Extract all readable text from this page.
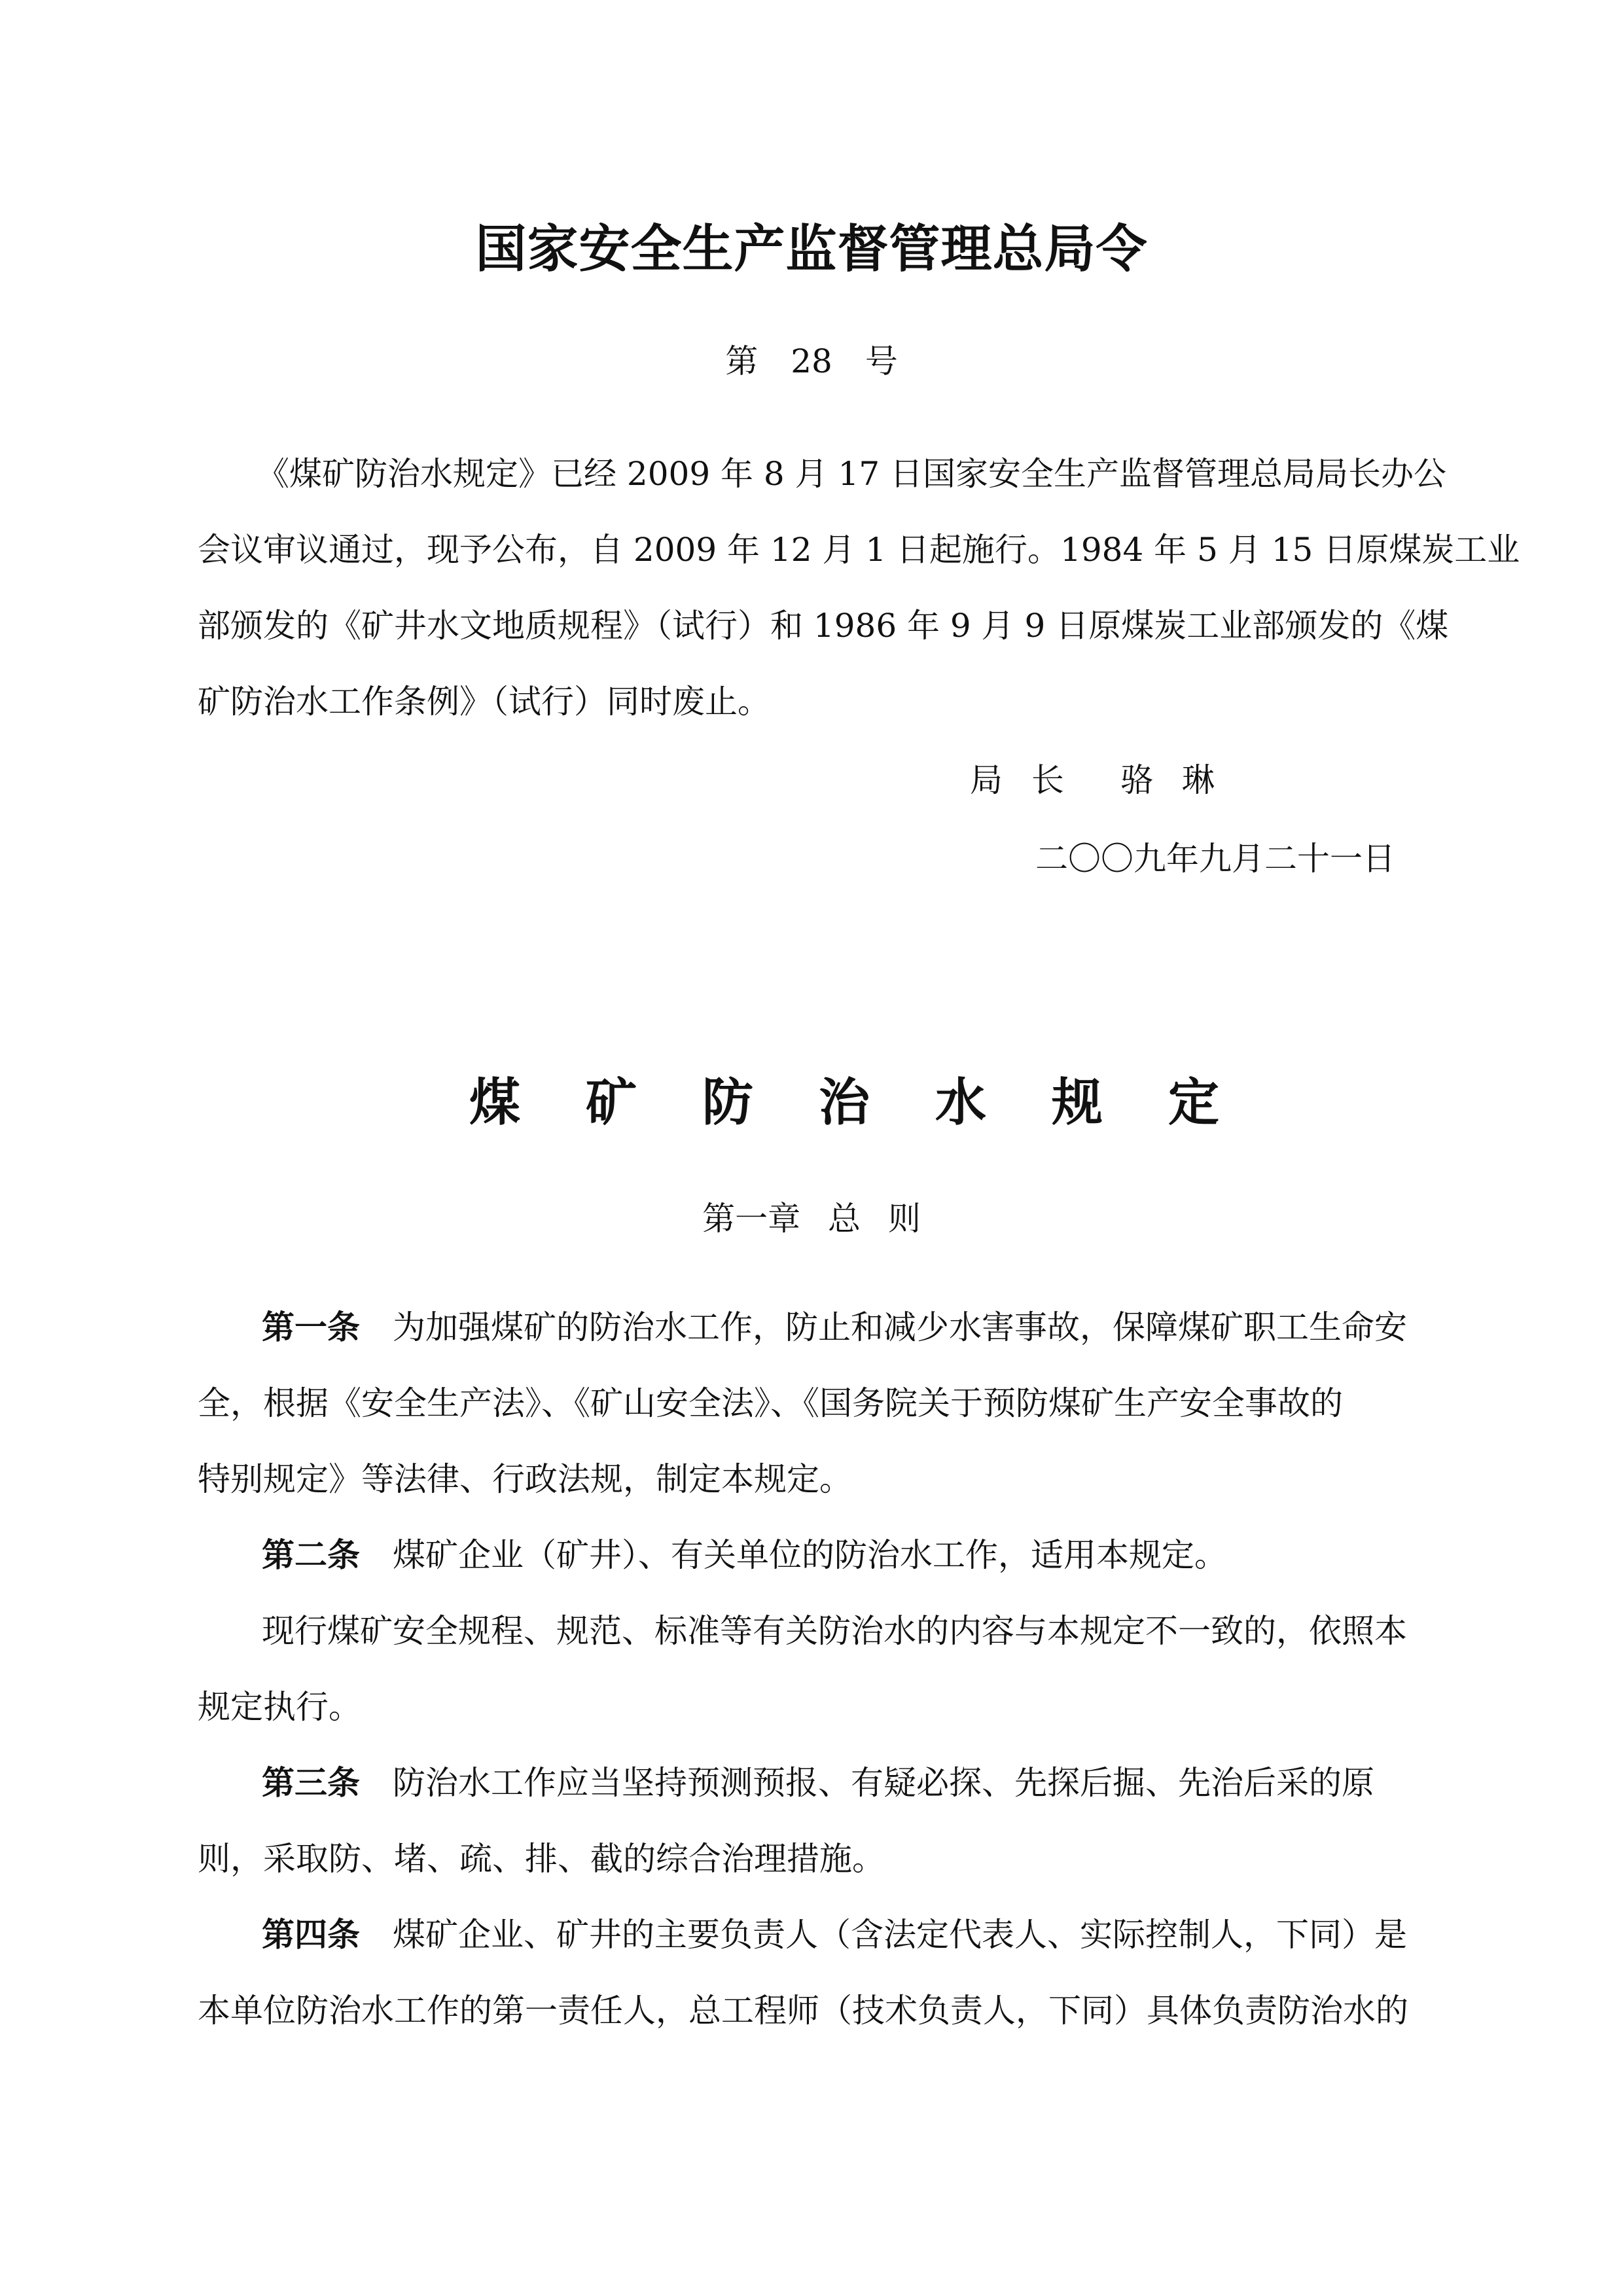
国家安全生产监督管理总局令
第 28 号
《煤矿防治水规定》已经 2009 年 8 月 17 日国家安全生产监督管理总局局长办公
会议审议通过，现予公布，自 2009 年 12 月 1 日起施行。1984 年 5 月 15 日原煤炭工业
部颁发的《矿井水文地质规程》（试行）和 1986 年 9 月 9 日原煤炭工业部颁发的《煤
矿防治水工作条例》（试行）同时废止。
局 长 骆 琳
二〇〇九年九月二十一日
煤矿防治水规定
第一章 总 则
第一条 为加强煤矿的防治水工作，防止和减少水害事故，保障煤矿职工生命安
全，根据《安全生产法》、《矿山安全法》、《国务院关于预防煤矿生产安全事故的
特别规定》等法律、行政法规，制定本规定。
第二条 煤矿企业（矿井）、有关单位的防治水工作，适用本规定。
现行煤矿安全规程、规范、标准等有关防治水的内容与本规定不一致的，依照本
规定执行。
第三条 防治水工作应当坚持预测预报、有疑必探、先探后掘、先治后采的原
则，采取防、堵、疏、排、截的综合治理措施。
第四条 煤矿企业、矿井的主要负责人（含法定代表人、实际控制人，下同）是
本单位防治水工作的第一责任人，总工程师（技术负责人，下同）具体负责防治水的
